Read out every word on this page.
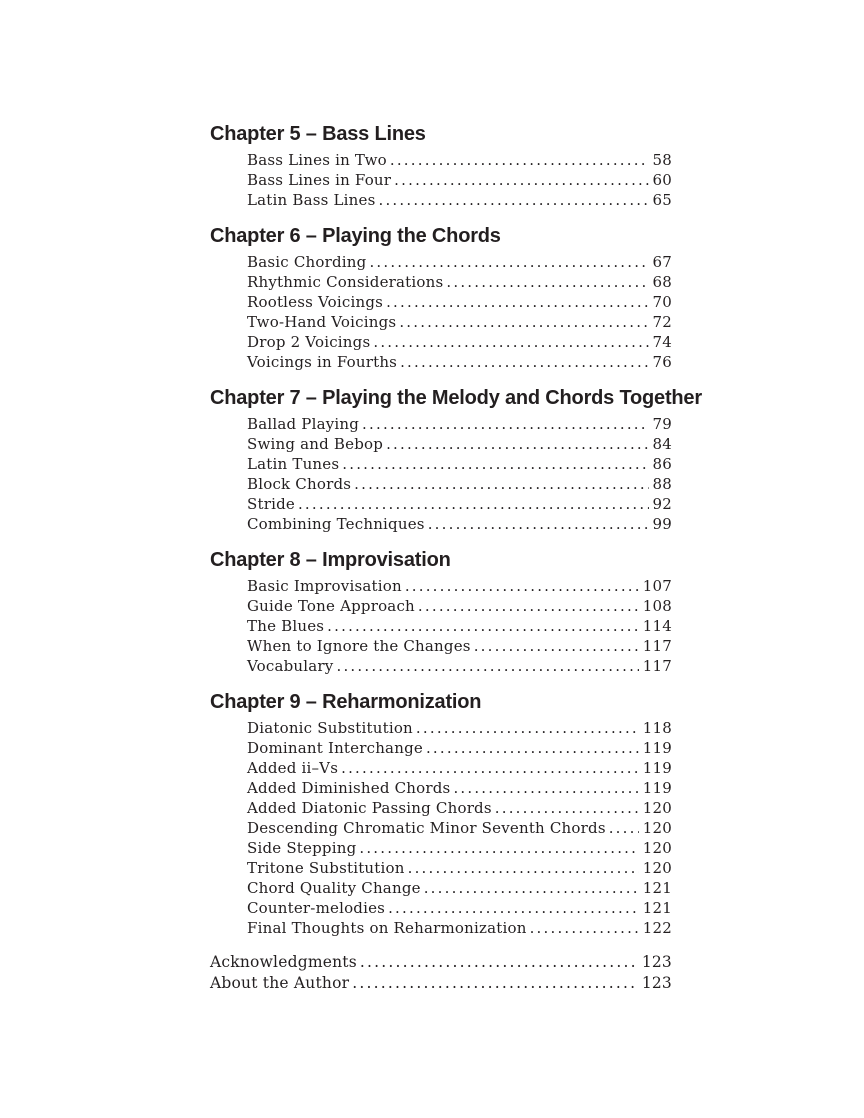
Chapter 5 – Bass Lines
Bass Lines in Two .....	58
Bass Lines in Four .....	60
Latin Bass Lines .....	65
Chapter 6 – Playing the Chords
Basic Chording .....	67
Rhythmic Considerations .....	68
Rootless Voicings .....	70
Two-Hand Voicings .....	72
Drop 2 Voicings .....	74
Voicings in Fourths .....	76
Chapter 7 – Playing the Melody and Chords Together
Ballad Playing .....	79
Swing and Bebop .....	84
Latin Tunes .....	86
Block Chords .....	88
Stride .....	92
Combining Techniques .....	99
Chapter 8 – Improvisation
Basic Improvisation .....	107
Guide Tone Approach .....	108
The Blues .....	114
When to Ignore the Changes .....	117
Vocabulary .....	117
Chapter 9 – Reharmonization
Diatonic Substitution .....	118
Dominant Interchange .....	119
Added ii–Vs .....	119
Added Diminished Chords .....	119
Added Diatonic Passing Chords .....	120
Descending Chromatic Minor Seventh Chords ..... 120
Side Stepping .....	120
Tritone Substitution .....	120
Chord Quality Change .....	121
Counter-melodies .....	121
Final Thoughts on Reharmonization .....	122
Acknowledgments .....	123
About the Author .....	123
